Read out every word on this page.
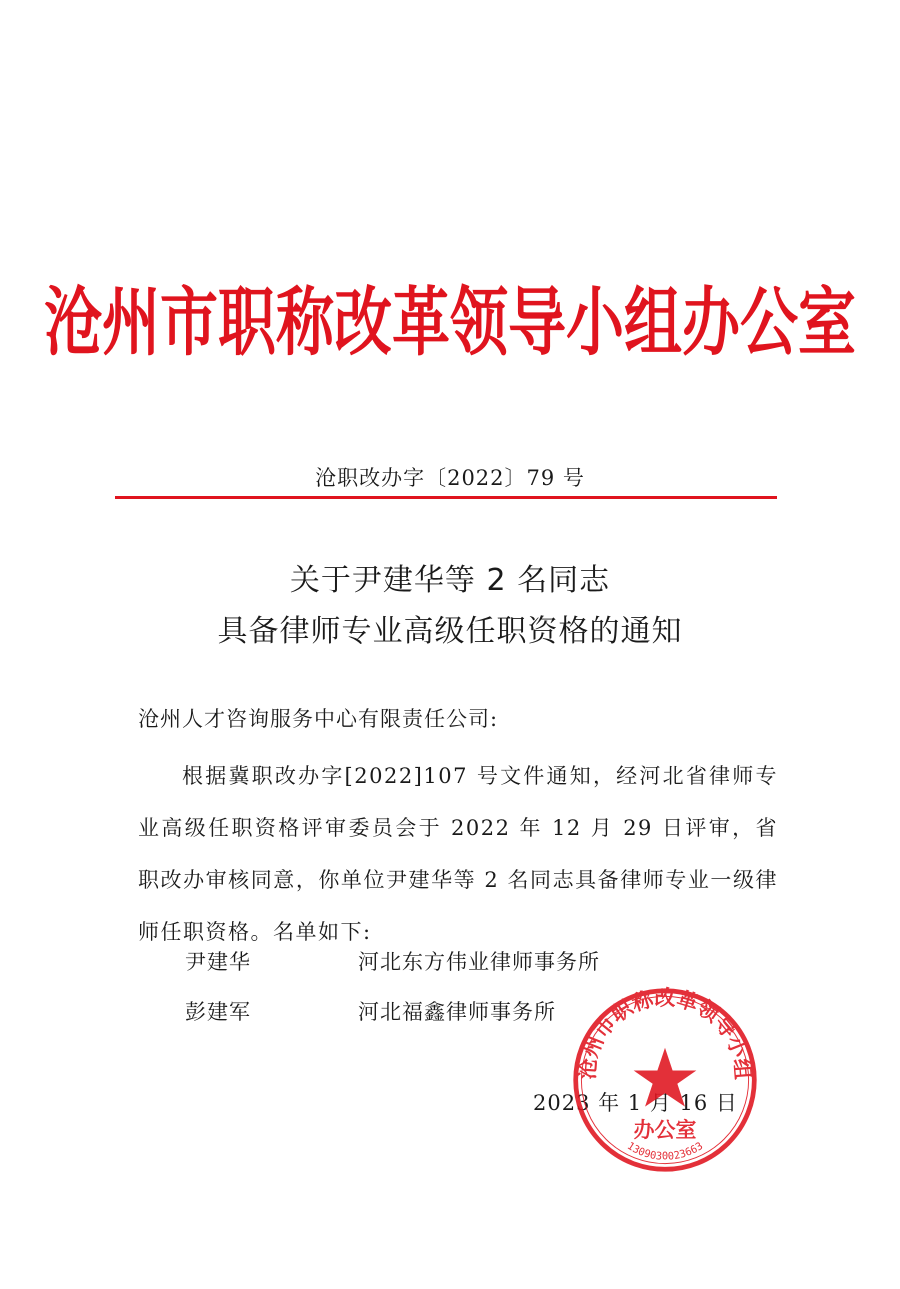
沧州市职称改革领导小组办公室
沧职改办字〔2022〕79 号
关于尹建华等 2 名同志
具备律师专业高级任职资格的通知
沧州人才咨询服务中心有限责任公司:
根据冀职改办字[2022]107 号文件通知，经河北省律师专业高级任职资格评审委员会于 2022 年 12 月 29 日评审，省职改办审核同意，你单位尹建华等 2 名同志具备律师专业一级律师任职资格。名单如下:
尹建华	河北东方伟业律师事务所
彭建军	河北福鑫律师事务所
2023 年 1 月 16 日
沧州市职称改革领导小组
办公室
1309030023663
